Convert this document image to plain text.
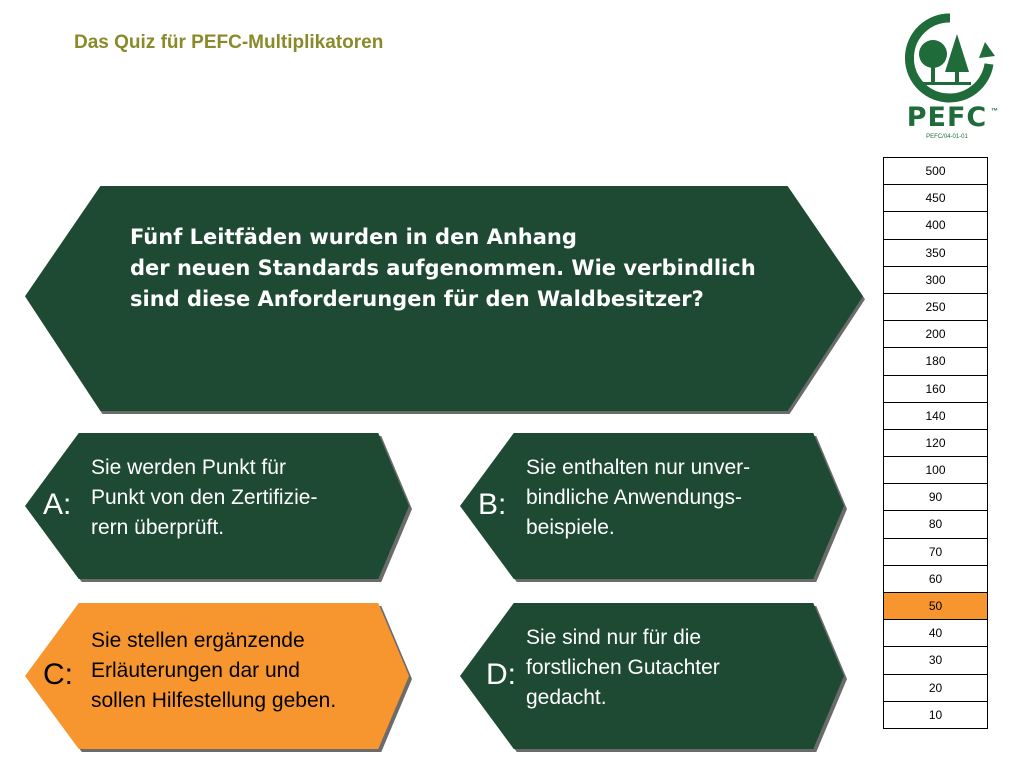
Das Quiz für PEFC-Multiplikatoren
PEFC ™
PEFC/04-01-01
Fünf Leitfäden wurden in den Anhang
der neuen Standards aufgenommen. Wie verbindlich
sind diese Anforderungen für den Waldbesitzer?
A:
Sie werden Punkt für
Punkt von den Zertifizie-
rern überprüft.
B:
Sie enthalten nur unver-
bindliche Anwendungs-
beispiele.
C:
Sie stellen ergänzende
Erläuterungen dar und
sollen Hilfestellung geben.
D:
Sie sind nur für die
forstlichen Gutachter
gedacht.
500
450
400
350
300
250
200
180
160
140
120
100
90
80
70
60
50
40
30
20
10
